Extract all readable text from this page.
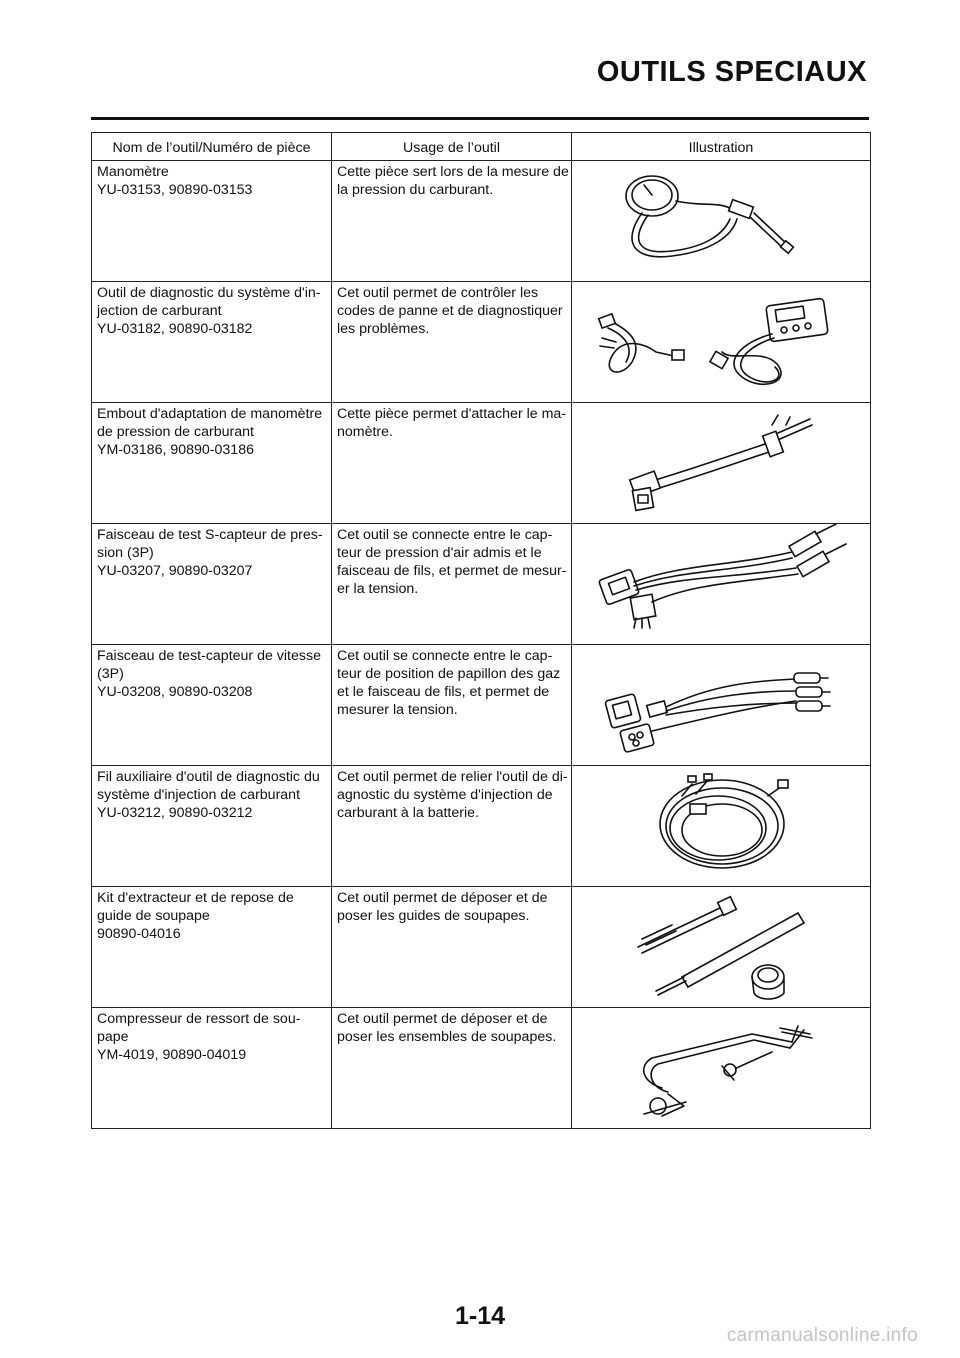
OUTILS SPECIAUX
Nom de l’outil/Numéro de pièce	Usage de l’outil	Illustration

Manomètre
YU-03153, 90890-03153	Cette pièce sert lors de la mesure de
la pression du carburant.

Outil de diagnostic du système d'in-
jection de carburant
YU-03182, 90890-03182	Cet outil permet de contrôler les
codes de panne et de diagnostiquer
les problèmes.

Embout d'adaptation de manomètre
de pression de carburant
YM-03186, 90890-03186	Cette pièce permet d'attacher le ma-
nomètre.

Faisceau de test S-capteur de pres-
sion (3P)
YU-03207, 90890-03207	Cet outil se connecte entre le cap-
teur de pression d'air admis et le
faisceau de fils, et permet de mesur-
er la tension.

Faisceau de test-capteur de vitesse
(3P)
YU-03208, 90890-03208	Cet outil se connecte entre le cap-
teur de position de papillon des gaz
et le faisceau de fils, et permet de
mesurer la tension.

Fil auxiliaire d'outil de diagnostic du
système d'injection de carburant
YU-03212, 90890-03212	Cet outil permet de relier l'outil de di-
agnostic du système d'injection de
carburant à la batterie.

Kit d'extracteur et de repose de
guide de soupape
90890-04016	Cet outil permet de déposer et de
poser les guides de soupapes.

Compresseur de ressort de sou-
pape
YM-4019, 90890-04019	Cet outil permet de déposer et de
poser les ensembles de soupapes.

1-14
carmanualsonline.info
